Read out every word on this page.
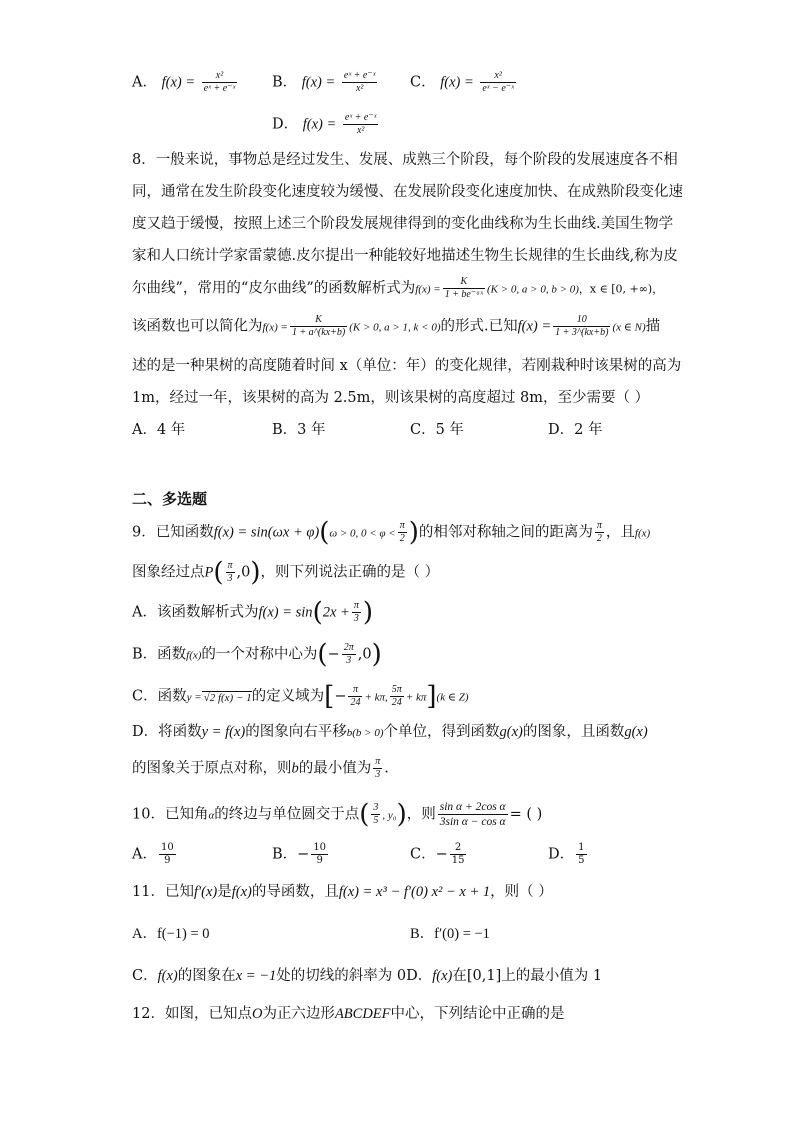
A． $f(x) = \frac{\text{x²}}{\text{eˣ + e⁻ˣ}}$ B． $f(x) = \frac{\text{eˣ + e⁻ˣ}}{\text{x²}}$ C． $f(x) = \frac{\text{x²}}{\text{eˣ − e⁻ˣ}}$
D． $f(x) = \frac{\text{eˣ + e⁻ˣ}}{\text{x²}}$
8．一般来说，事物总是经过发生、发展、成熟三个阶段，每个阶段的发展速度各不相
同，通常在发生阶段变化速度较为缓慢、在发展阶段变化速度加快、在成熟阶段变化速
度又趋于缓慢，按照上述三个阶段发展规律得到的变化曲线称为生长曲线.美国生物学
家和人口统计学家雷蒙德.皮尔提出一种能较好地描述生物生长规律的生长曲线,称为皮
尔曲线”，常用的“皮尔曲线”的函数解析式为$f(x) = \frac{K}{\text{1 + be⁻ᵃˣ}} (K > 0$, a > 0, b > 0)，x ∈ [0, +∞)，
该函数也可以简化为$f(x) = \frac{K}{1 + a\^{}(kx+b)} (K > 0$, a > 1, k < 0)的形式.已知$f(x) = \frac{10}{1 + 3\^{}(kx+b)} (x$ ∈ N)描
述的是一种果树的高度随着时间 x（单位：年）的变化规律，若刚栽种时该果树的高为
1m，经过一年，该果树的高为 2.5m，则该果树的高度超过 8m，至少需要（ ）
A．4 年	B．3 年	C．5 年	D．2 年
二、多选题
9．已知函数f(x) = sin(ωx + φ)(ω > 0, $0 < \varphi < \frac{\pi}{2}$ )的相邻对称轴之间的距离为 $\frac{\pi}{2}$ ，且f(x)
图象经过点$P( \frac{\pi}{3} ,0)$，则下列说法正确的是（ ）
A．该函数解析式为$f(x) = \sin(2x + \frac{\pi}{3}$ )
B．函数f(x)的一个对称中心为(− $\frac{2\pi}{3} ,0$)
C．函数y = √2 f(x) − 1的定义域为[− $\frac{\pi}{24} + k\pi$, $\frac{5\pi}{24} + k\pi](k$ ∈ Z)
D．将函数y = f(x)的图象向右平移b(b > 0)个单位，得到函数g(x)的图象，且函数g(x)
的图象关于原点对称，则b的最小值为 $\frac{\pi}{3}$ .
10．已知角α的终边与单位圆交于点( $\frac{3}{5}$ , y₀)，则 $\frac{\text{sin α + 2cos α}}{\text{3sin α − cos α}}$ = ( )
A． $\frac{10}{9}$	B．− $\frac{10}{9}$	C．− $\frac{2}{15}$	D． $\frac{1}{5}$
11．已知f′(x)是f(x)的导函数，且f(x) = x³ − f′(0) x² − x + 1，则（ ）
A．f(−1) = 0	B．f′(0) = −1
C．f(x)的图象在x = −1处的切线的斜率为 0D．f(x)在[0,1]上的最小值为 1
12．如图，已知点O为正六边形ABCDEF中心，下列结论中正确的是
